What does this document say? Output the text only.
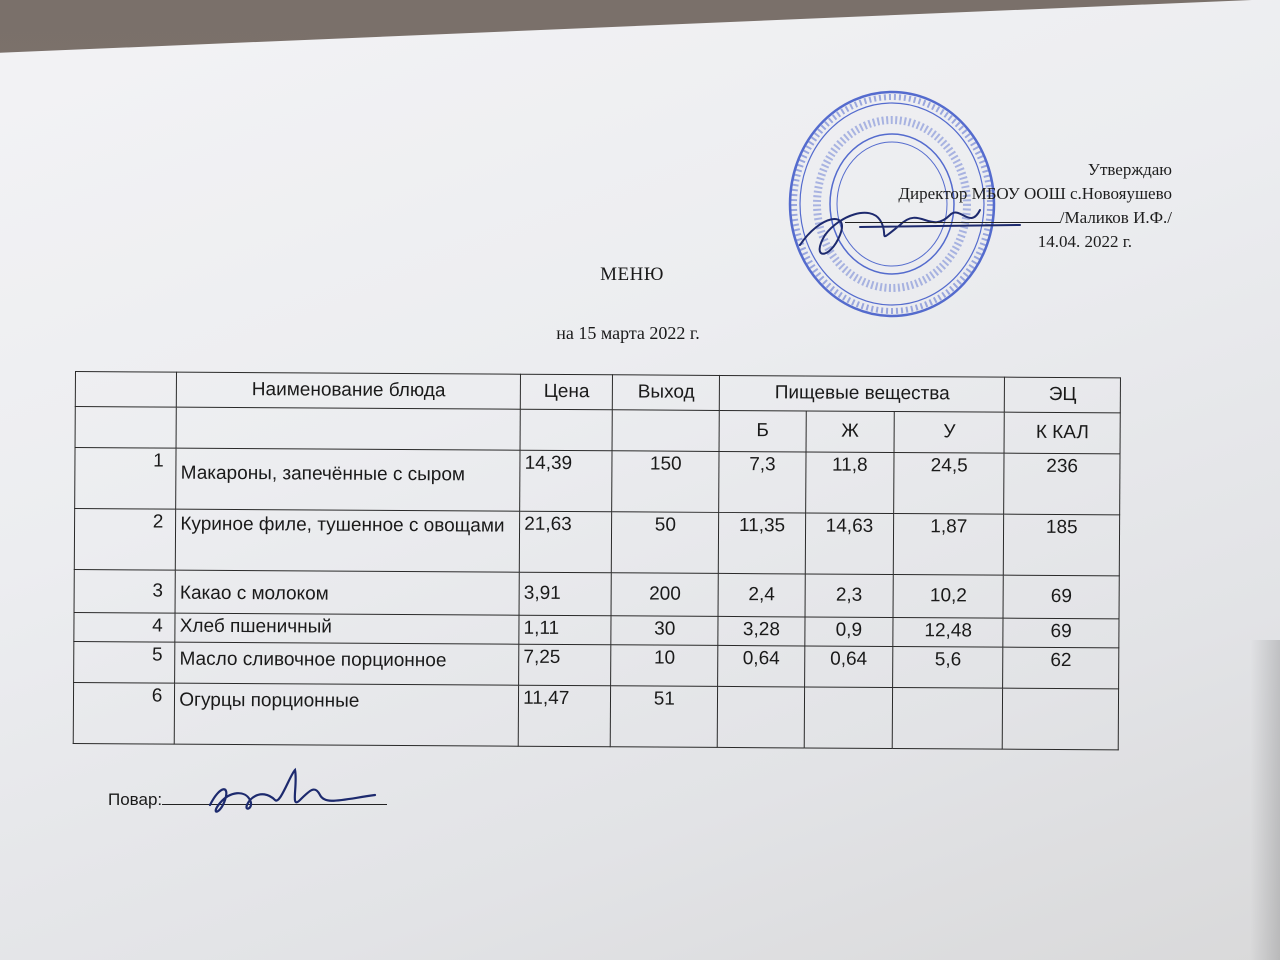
Утверждаю
Директор МБОУ ООШ с.Новояушево
/Маликов И.Ф./
14.04. 2022 г.
МЕНЮ
на 15 марта 2022 г.
	Наименование блюда	Цена	Выход	Пищевые вещества			ЭЦ
				Б	Ж	У	К КАЛ
1	Макароны, запечённые с сыром	14,39	150	7,3	11,8	24,5	236
2	Куриное филе, тушенное с овощами	21,63	50	11,35	14,63	1,87	185
3	Какао с молоком	3,91	200	2,4	2,3	10,2	69
4	Хлеб пшеничный	1,11	30	3,28	0,9	12,48	69
5	Масло сливочное порционное	7,25	10	0,64	0,64	5,6	62
6	Огурцы порционные	11,47	51				
Повар:
